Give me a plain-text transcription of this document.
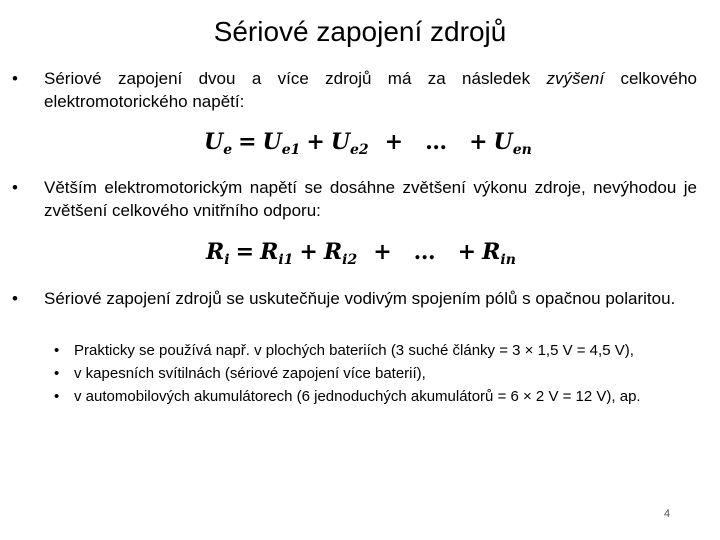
Sériové zapojení zdrojů
• Sériové zapojení dvou a více zdrojů má za následek zvýšení celkového elektromotorického napětí:
$U_e = U_{e1} + U_{e2}$ + … + $U_{en}$
• Větším elektromotorickým napětí se dosáhne zvětšení výkonu zdroje, nevýhodou je zvětšení celkového vnitřního odporu:
$R_i = R_{i1} + R_{i2}$ + … + $R_{in}$
• Sériové zapojení zdrojů se uskutečňuje vodivým spojením pólů s opačnou polaritou.
• Prakticky se používá např. v plochých bateriích (3 suché články = 3 × 1,5 V = 4,5 V),
• v kapesních svítilnách (sériové zapojení více baterií),
• v automobilových akumulátorech (6 jednoduchých akumulátorů = 6 × 2 V = 12 V), ap.
4
